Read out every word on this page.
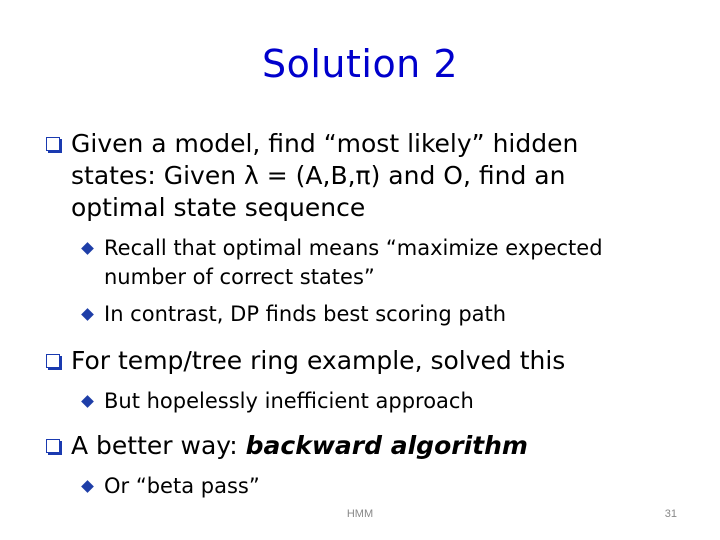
Solution 2
Given a model, find “most likely” hidden
states: Given λ = (A,B,π) and O, find an
optimal state sequence
Recall that optimal means “maximize expected
number of correct states”
In contrast, DP finds best scoring path
For temp/tree ring example, solved this
But hopelessly inefficient approach
A better way: backward algorithm
Or “beta pass”
HMM	31
